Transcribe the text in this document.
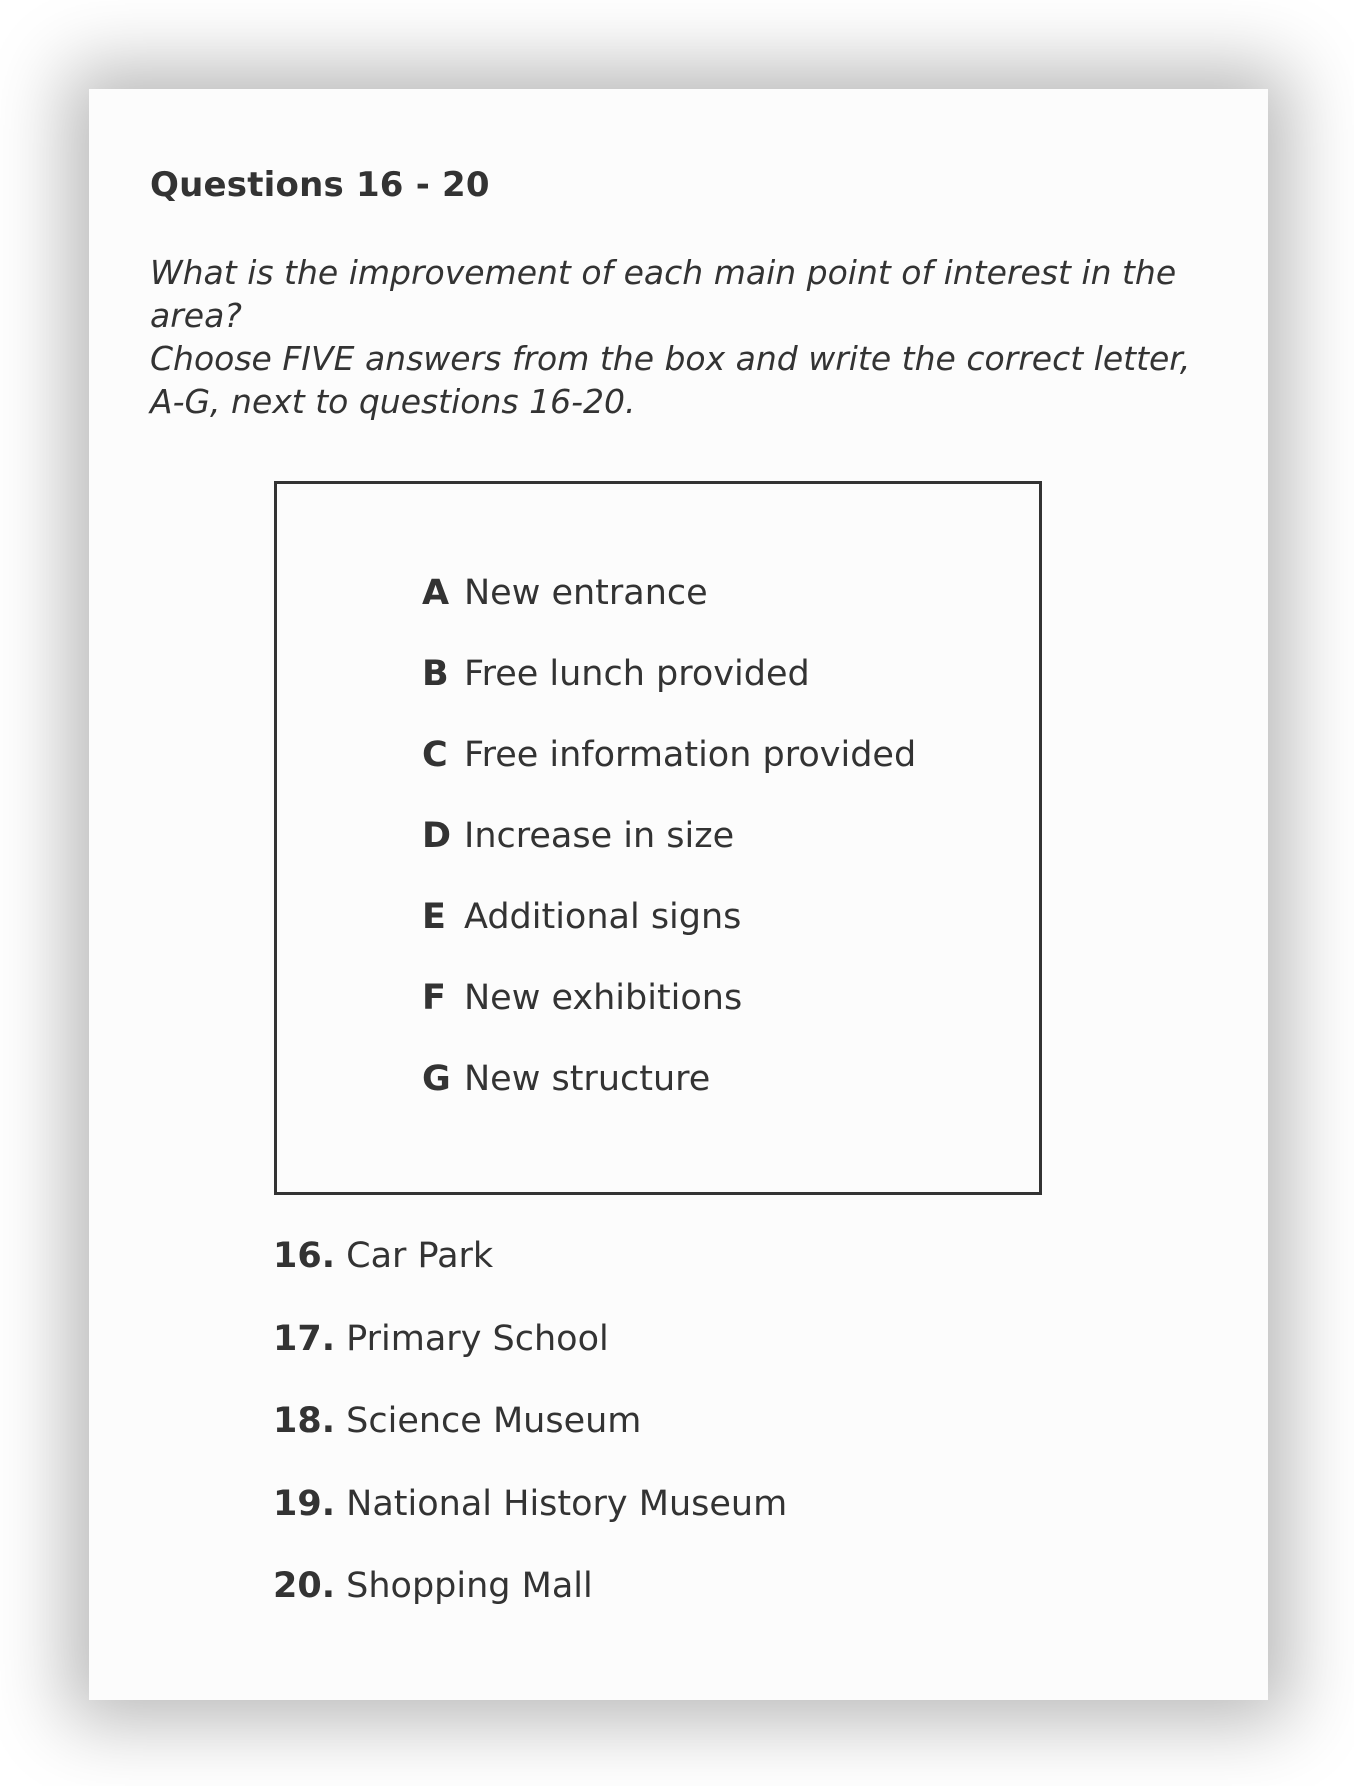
Questions 16 - 20

What is the improvement of each main point of interest in the area?

Choose FIVE answers from the box and write the correct letter, A-G, next to questions 16-20.

A New entrance
B Free lunch provided
C Free information provided
D Increase in size
E Additional signs
F New exhibitions
G New structure
16. Car Park
17. Primary School
18. Science Museum
19. National History Museum
20. Shopping Mall
